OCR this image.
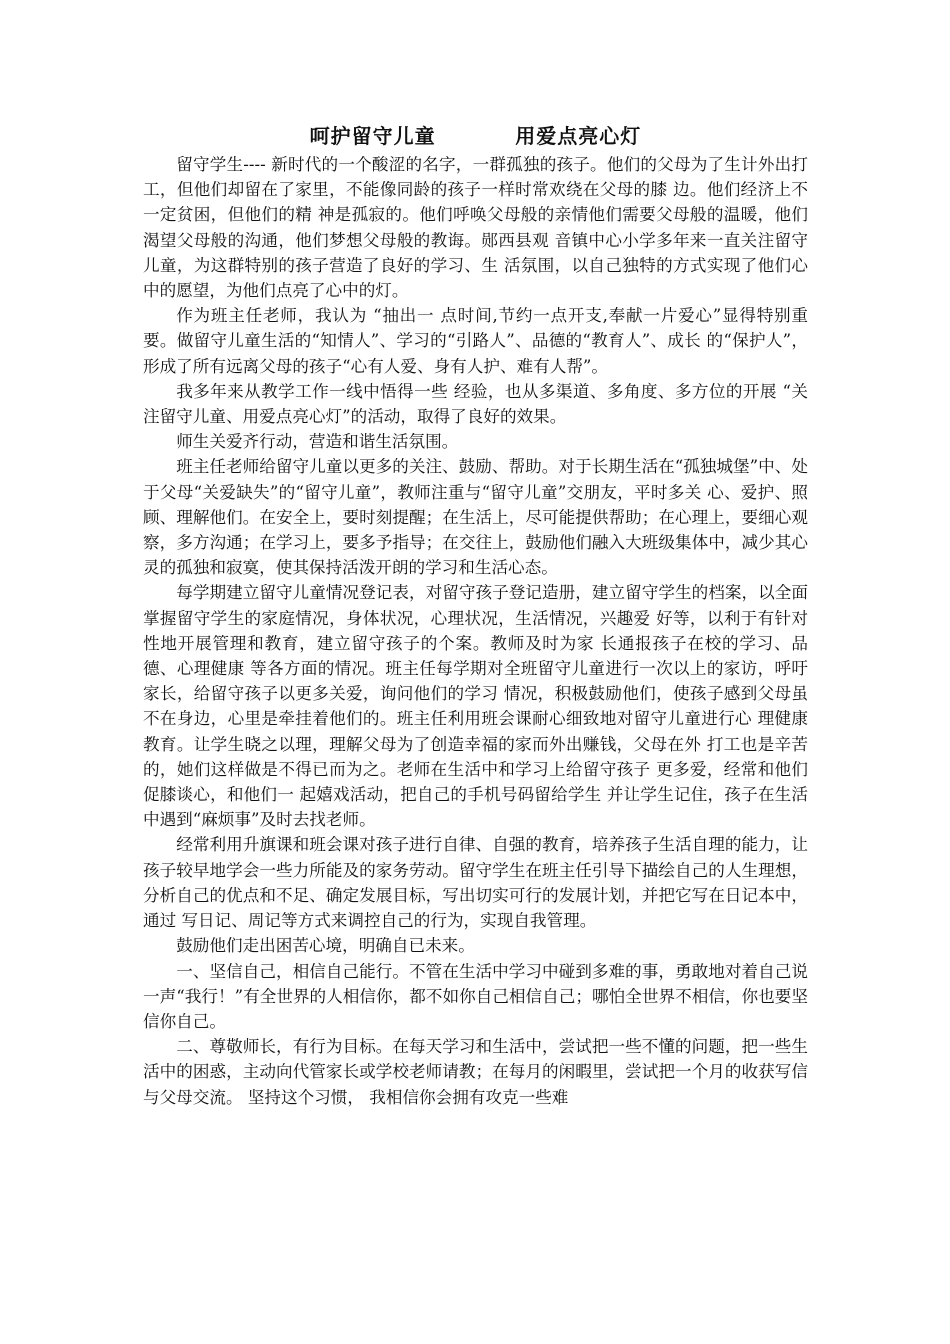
呵护留守儿童          用爱点亮心灯

留守学生---- 新时代的一个酸涩的名字，一群孤独的孩子。他们的父母为了生计外出打工，但他们却留在了家里，不能像同龄的孩子一样时常欢绕在父母的膝 边。他们经济上不一定贫困，但他们的精 神是孤寂的。他们呼唤父母般的亲情他们需要父母般的温暖，他们渴望父母般的沟通，他们梦想父母般的教诲。郧西县观 音镇中心小学多年来一直关注留守儿童，为这群特别的孩子营造了良好的学习、生 活氛围，以自己独特的方式实现了他们心 中的愿望，为他们点亮了心中的灯。

作为班主任老师，我认为 “抽出一 点时间,节约一点开支,奉献一片爱心”显得特别重要。做留守儿童生活的“知情人”、学习的“引路人”、品德的“教育人”、成长 的“保护人”，形成了所有远离父母的孩子“心有人爱、身有人护、难有人帮”。

我多年来从教学工作一线中悟得一些 经验，也从多渠道、多角度、多方位的开展 “关注留守儿童、用爱点亮心灯”的活动，取得了良好的效果。

师生关爱齐行动，营造和谐生活氛围。

班主任老师给留守儿童以更多的关注、鼓励、帮助。对于长期生活在“孤独城堡”中、处于父母“关爱缺失”的“留守儿童”，教师注重与“留守儿童”交朋友，平时多关 心、爱护、照顾、理解他们。在安全上，要时刻提醒；在生活上，尽可能提供帮助；在心理上，要细心观察，多方沟通；在学习上，要多予指导；在交往上，鼓励他们融入大班级集体中，减少其心灵的孤独和寂寞，使其保持活泼开朗的学习和生活心态。

每学期建立留守儿童情况登记表，对留守孩子登记造册，建立留守学生的档案，以全面掌握留守学生的家庭情况，身体状况，心理状况，生活情况，兴趣爱 好等，以利于有针对性地开展管理和教育，建立留守孩子的个案。教师及时为家 长通报孩子在校的学习、品德、心理健康 等各方面的情况。班主任每学期对全班留守儿童进行一次以上的家访，呼吁家长，给留守孩子以更多关爱，询问他们的学习 情况，积极鼓励他们，使孩子感到父母虽不在身边，心里是牵挂着他们的。班主任利用班会课耐心细致地对留守儿童进行心 理健康教育。让学生晓之以理，理解父母为了创造幸福的家而外出赚钱，父母在外 打工也是辛苦的，她们这样做是不得已而为之。老师在生活中和学习上给留守孩子 更多爱，经常和他们促膝谈心，和他们一 起嬉戏活动，把自己的手机号码留给学生 并让学生记住，孩子在生活中遇到“麻烦事”及时去找老师。

经常利用升旗课和班会课对孩子进行自律、自强的教育，培养孩子生活自理的能力，让孩子较早地学会一些力所能及的家务劳动。留守学生在班主任引导下描绘自己的人生理想，分析自己的优点和不足、确定发展目标，写出切实可行的发展计划，并把它写在日记本中，通过 写日记、周记等方式来调控自己的行为，实现自我管理。

鼓励他们走出困苦心境，明确自已未来。

一、坚信自己，相信自己能行。不管在生活中学习中碰到多难的事，勇敢地对着自己说一声“我行！”有全世界的人相信你，都不如你自己相信自己；哪怕全世界不相信，你也要坚信你自己。

二、尊敬师长，有行为目标。在每天学习和生活中，尝试把一些不懂的问题，把一些生活中的困惑，主动向代管家长或学校老师请教；在每月的闲暇里，尝试把一个月的收获写信与父母交流。 坚持这个习惯， 我相信你会拥有攻克一些难
